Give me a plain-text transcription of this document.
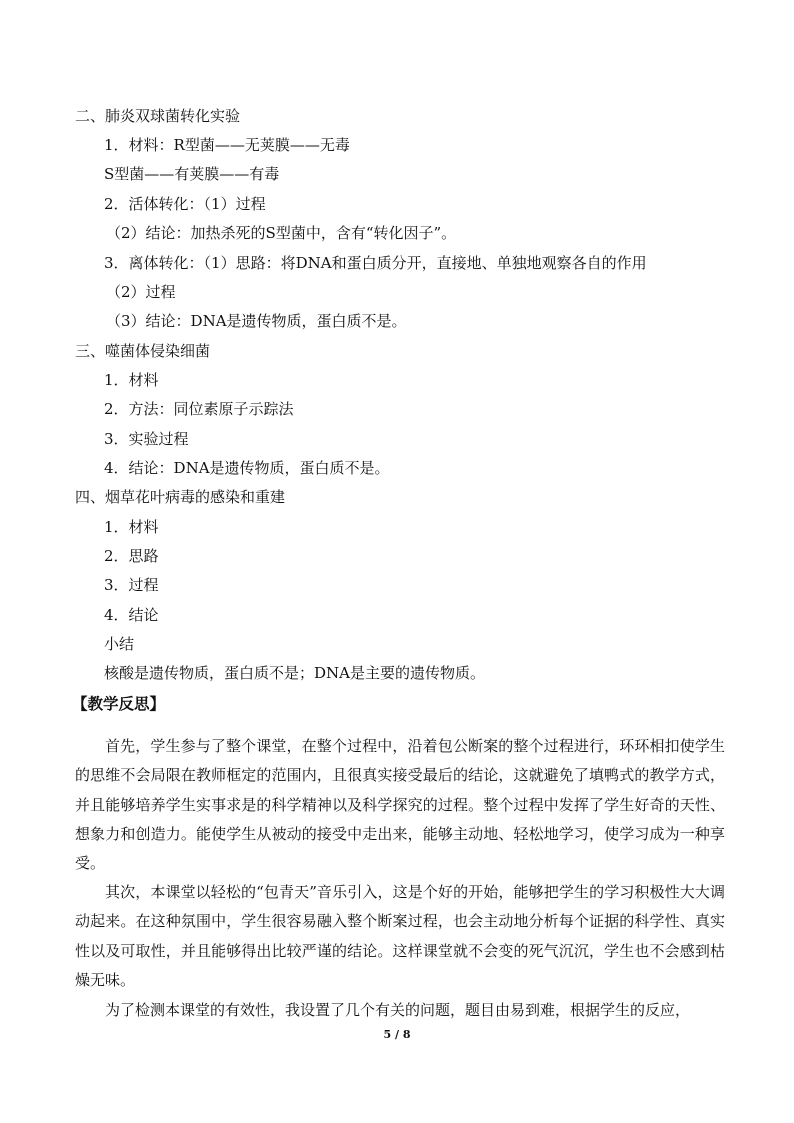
二、肺炎双球菌转化实验
1．材料：R型菌——无荚膜——无毒
S型菌——有荚膜——有毒
2．活体转化：（1）过程
（2）结论：加热杀死的S型菌中，含有“转化因子”。
3．离体转化：（1）思路：将DNA和蛋白质分开，直接地、单独地观察各自的作用
（2）过程
（3）结论：DNA是遗传物质，蛋白质不是。
三、噬菌体侵染细菌
1．材料
2．方法：同位素原子示踪法
3．实验过程
4．结论：DNA是遗传物质，蛋白质不是。
四、烟草花叶病毒的感染和重建
1．材料
2．思路
3．过程
4．结论
小结
核酸是遗传物质，蛋白质不是；DNA是主要的遗传物质。
【教学反思】
首先，学生参与了整个课堂，在整个过程中，沿着包公断案的整个过程进行，环环相扣使学生的思维不会局限在教师框定的范围内，且很真实接受最后的结论，这就避免了填鸭式的教学方式，并且能够培养学生实事求是的科学精神以及科学探究的过程。整个过程中发挥了学生好奇的天性、想象力和创造力。能使学生从被动的接受中走出来，能够主动地、轻松地学习，使学习成为一种享受。
其次，本课堂以轻松的“包青天”音乐引入，这是个好的开始，能够把学生的学习积极性大大调动起来。在这种氛围中，学生很容易融入整个断案过程，也会主动地分析每个证据的科学性、真实性以及可取性，并且能够得出比较严谨的结论。这样课堂就不会变的死气沉沉，学生也不会感到枯燥无味。
为了检测本课堂的有效性，我设置了几个有关的问题，题目由易到难，根据学生的反应，
5 / 8
